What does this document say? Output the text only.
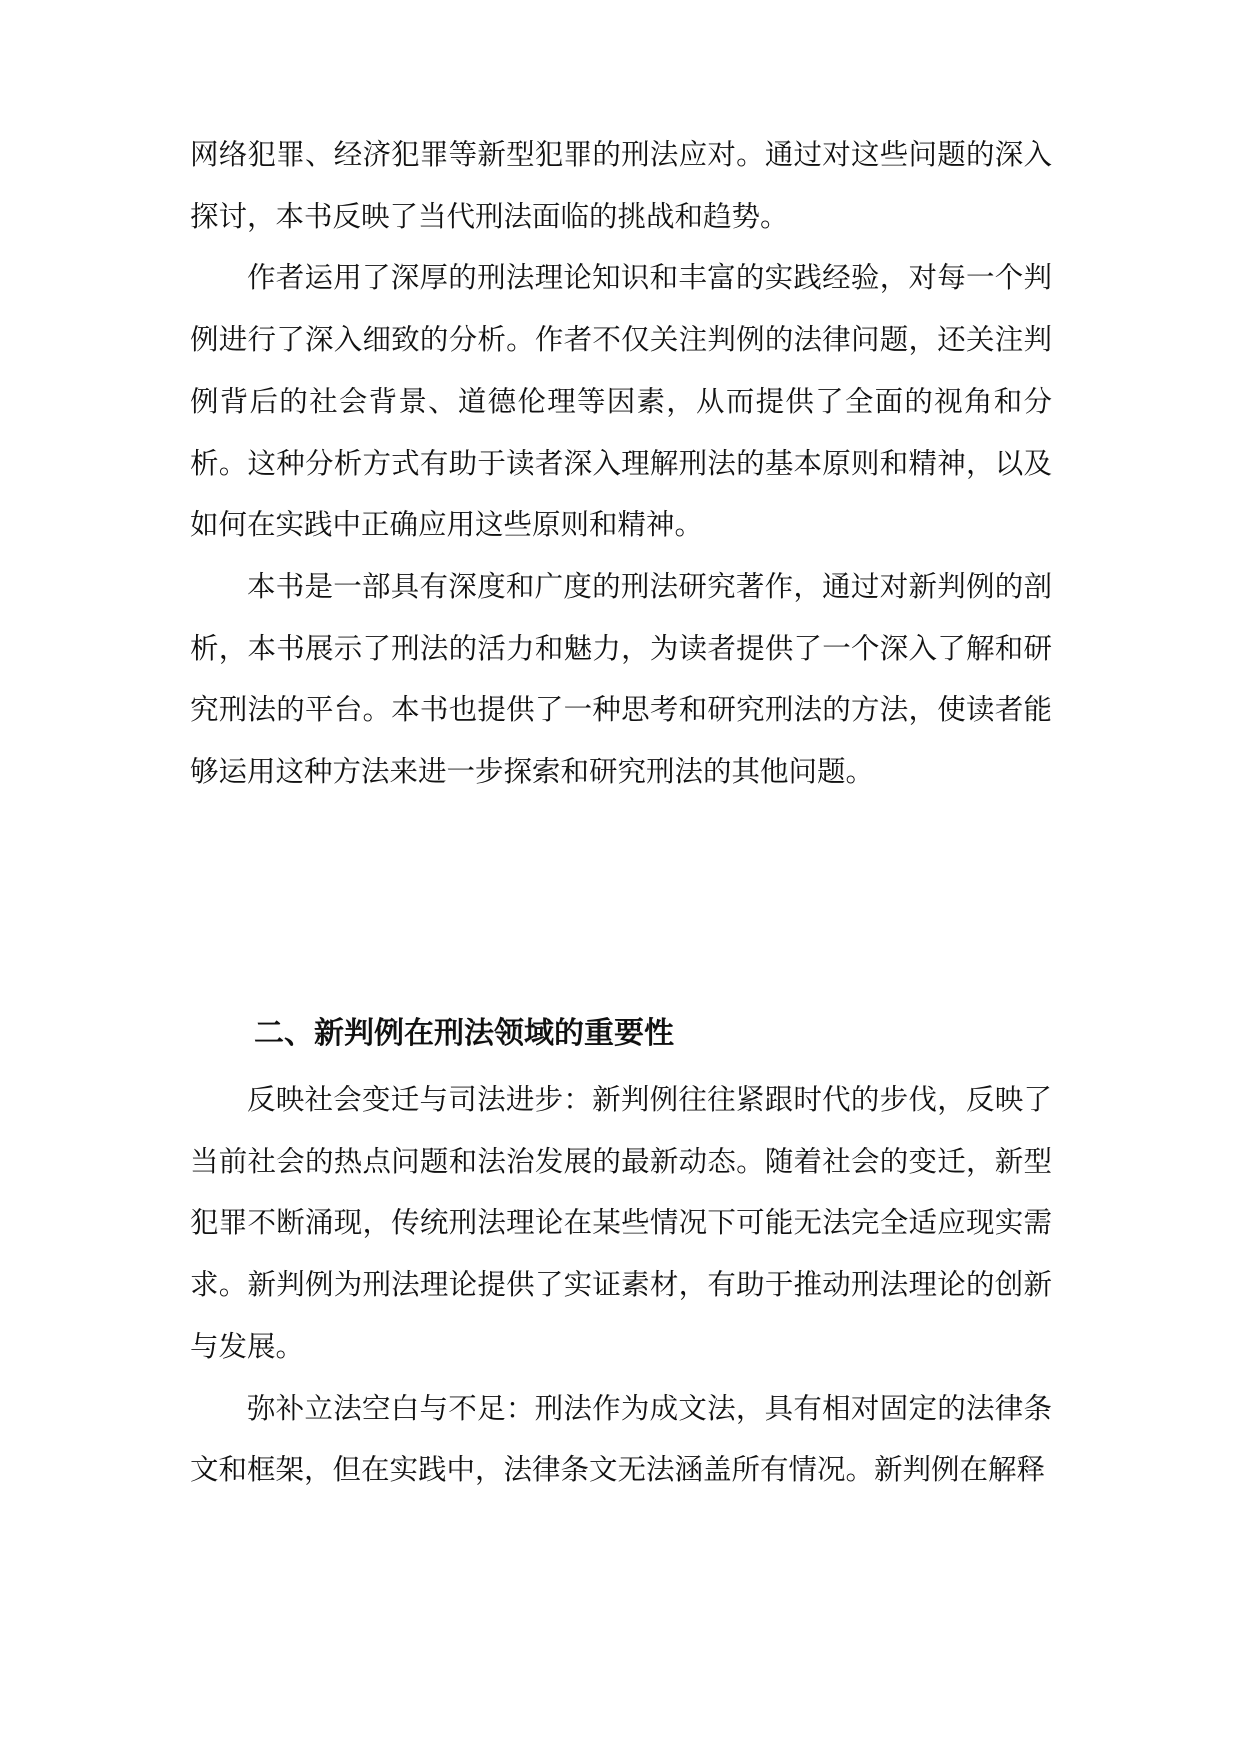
网络犯罪、经济犯罪等新型犯罪的刑法应对。通过对这些问题的深入探讨，本书反映了当代刑法面临的挑战和趋势。

作者运用了深厚的刑法理论知识和丰富的实践经验，对每一个判例进行了深入细致的分析。作者不仅关注判例的法律问题，还关注判例背后的社会背景、道德伦理等因素，从而提供了全面的视角和分析。这种分析方式有助于读者深入理解刑法的基本原则和精神，以及如何在实践中正确应用这些原则和精神。

本书是一部具有深度和广度的刑法研究著作，通过对新判例的剖析，本书展示了刑法的活力和魅力，为读者提供了一个深入了解和研究刑法的平台。本书也提供了一种思考和研究刑法的方法，使读者能够运用这种方法来进一步探索和研究刑法的其他问题。

二、新判例在刑法领域的重要性

反映社会变迁与司法进步：新判例往往紧跟时代的步伐，反映了当前社会的热点问题和法治发展的最新动态。随着社会的变迁，新型犯罪不断涌现，传统刑法理论在某些情况下可能无法完全适应现实需求。新判例为刑法理论提供了实证素材，有助于推动刑法理论的创新与发展。

弥补立法空白与不足：刑法作为成文法，具有相对固定的法律条文和框架，但在实践中，法律条文无法涵盖所有情况。新判例在解释
